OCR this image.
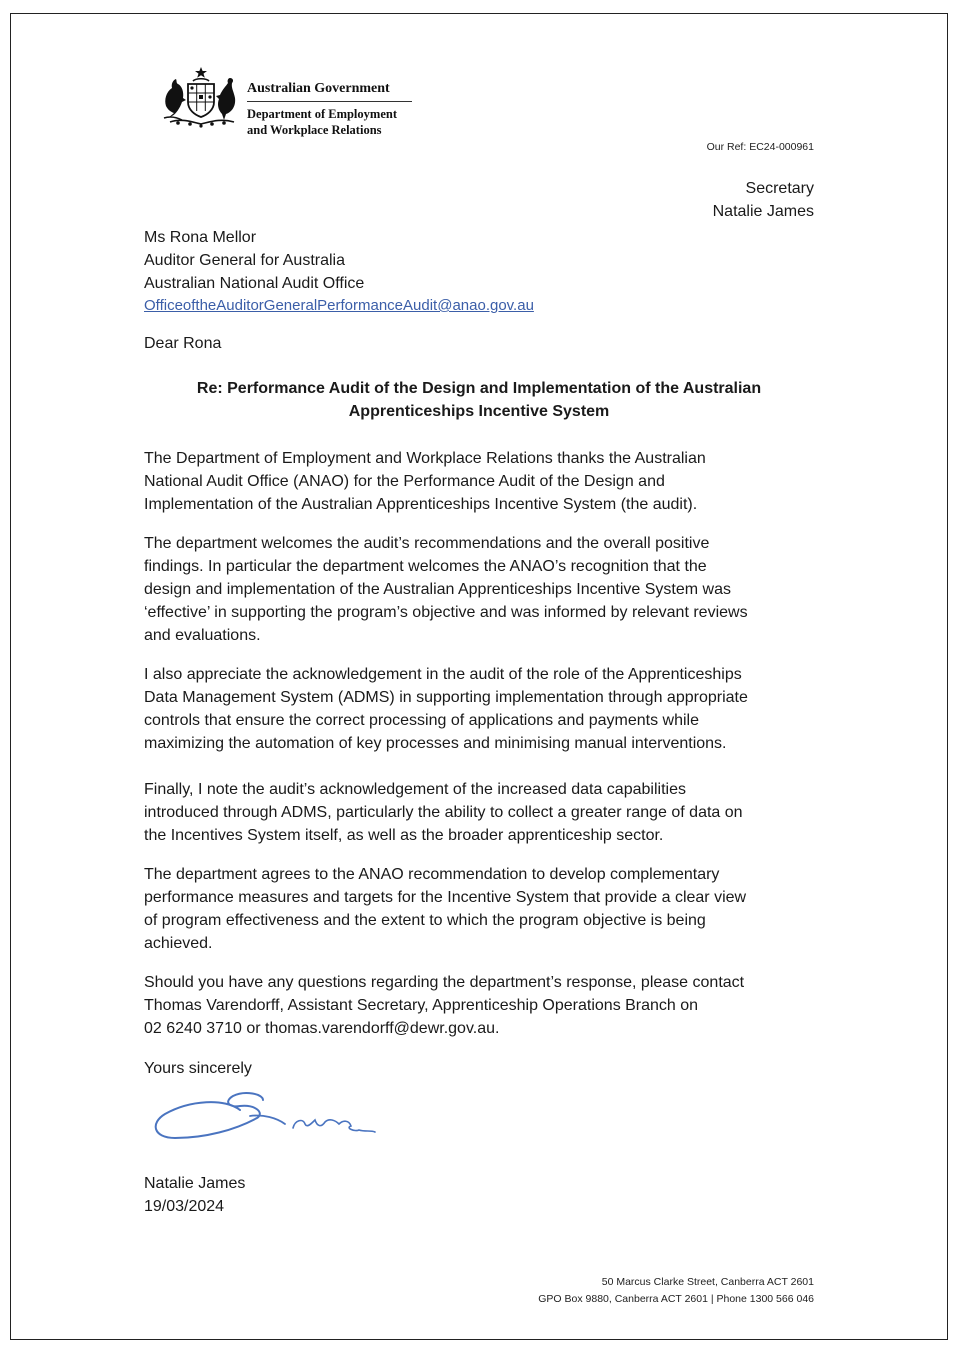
Australian Government
Department of Employment
and Workplace Relations
Our Ref: EC24-000961
Secretary
Natalie James
Ms Rona Mellor
Auditor General for Australia
Australian National Audit Office
OfficeoftheAuditorGeneralPerformanceAudit@anao.gov.au
Dear Rona
Re: Performance Audit of the Design and Implementation of the Australian
Apprenticeships Incentive System
The Department of Employment and Workplace Relations thanks the Australian
National Audit Office (ANAO) for the Performance Audit of the Design and
Implementation of the Australian Apprenticeships Incentive System (the audit).
The department welcomes the audit’s recommendations and the overall positive
findings. In particular the department welcomes the ANAO’s recognition that the
design and implementation of the Australian Apprenticeships Incentive System was
‘effective’ in supporting the program’s objective and was informed by relevant reviews
and evaluations.
I also appreciate the acknowledgement in the audit of the role of the Apprenticeships
Data Management System (ADMS) in supporting implementation through appropriate
controls that ensure the correct processing of applications and payments while
maximizing the automation of key processes and minimising manual interventions.
Finally, I note the audit’s acknowledgement of the increased data capabilities
introduced through ADMS, particularly the ability to collect a greater range of data on
the Incentives System itself, as well as the broader apprenticeship sector.
The department agrees to the ANAO recommendation to develop complementary
performance measures and targets for the Incentive System that provide a clear view
of program effectiveness and the extent to which the program objective is being
achieved.
Should you have any questions regarding the department’s response, please contact
Thomas Varendorff, Assistant Secretary, Apprenticeship Operations Branch on
02 6240 3710 or thomas.varendorff@dewr.gov.au.
Yours sincerely
Natalie James
19/03/2024
50 Marcus Clarke Street, Canberra ACT 2601
GPO Box 9880, Canberra ACT 2601 | Phone 1300 566 046
